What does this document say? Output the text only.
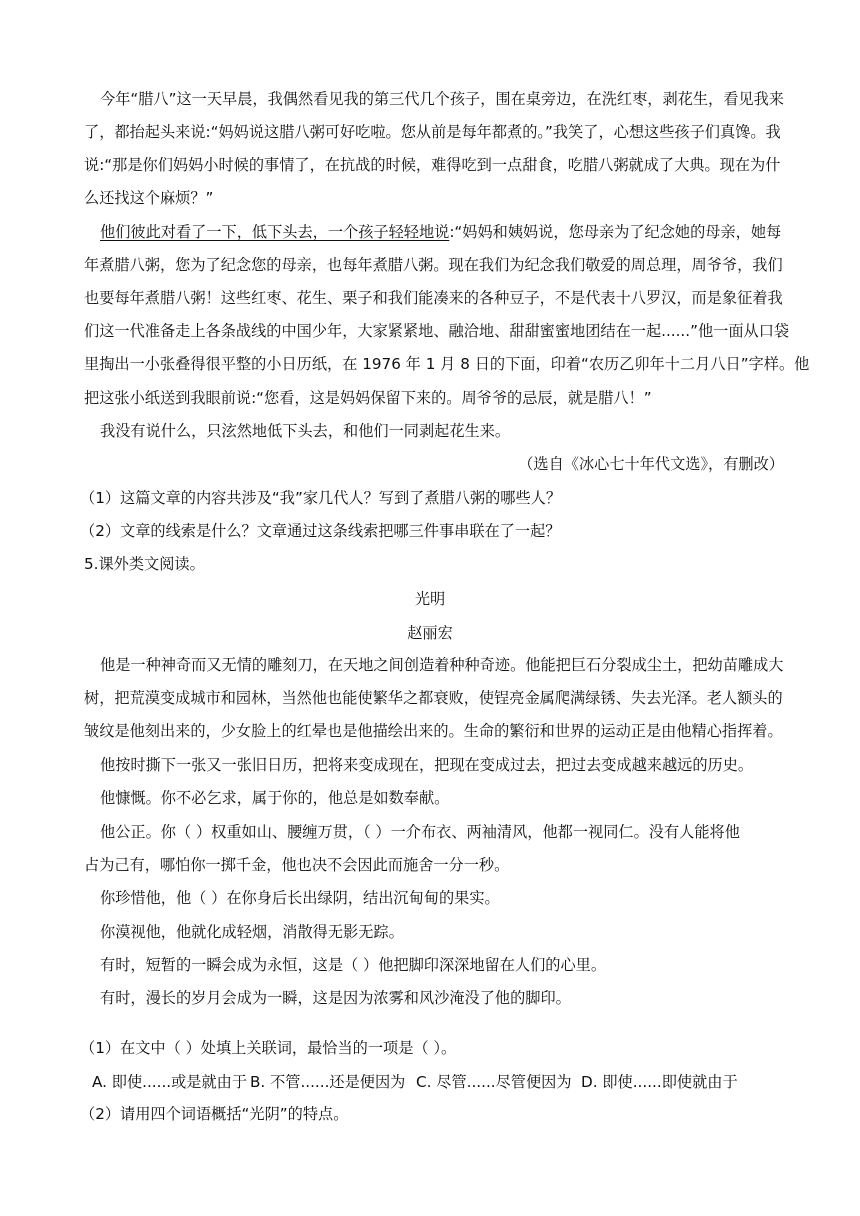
今年“腊八”这一天早晨，我偶然看见我的第三代几个孩子，围在桌旁边，在洗红枣，剥花生，看见我来
了，都抬起头来说:“妈妈说这腊八粥可好吃啦。您从前是每年都煮的。”我笑了，心想这些孩子们真馋。我
说:“那是你们妈妈小时候的事情了，在抗战的时候，难得吃到一点甜食，吃腊八粥就成了大典。现在为什
么还找这个麻烦？”
他们彼此对看了一下，低下头去，一个孩子轻轻地说:“妈妈和姨妈说，您母亲为了纪念她的母亲，她每
年煮腊八粥，您为了纪念您的母亲，也每年煮腊八粥。现在我们为纪念我们敬爱的周总理，周爷爷，我们
也要每年煮腊八粥！这些红枣、花生、栗子和我们能凑来的各种豆子，不是代表十八罗汉，而是象征着我
们这一代准备走上各条战线的中国少年，大家紧紧地、融洽地、甜甜蜜蜜地团结在一起......”他一面从口袋
里掏出一小张叠得很平整的小日历纸，在 1976 年 1 月 8 日的下面，印着“农历乙卯年十二月八日”字样。他
把这张小纸送到我眼前说:“您看，这是妈妈保留下来的。周爷爷的忌辰，就是腊八！”
我没有说什么，只泫然地低下头去，和他们一同剥起花生来。
（选自《冰心七十年代文选》，有删改）
（1）这篇文章的内容共涉及“我”家几代人？写到了煮腊八粥的哪些人？
（2）文章的线索是什么？文章通过这条线索把哪三件事串联在了一起？
5.课外类文阅读。
光明
赵丽宏
他是一种神奇而又无情的雕刻刀，在天地之间创造着种种奇迹。他能把巨石分裂成尘土，把幼苗雕成大
树，把荒漠变成城市和园林，当然他也能使繁华之都衰败，使锃亮金属爬满绿锈、失去光泽。老人额头的
皱纹是他刻出来的，少女脸上的红晕也是他描绘出来的。生命的繁衍和世界的运动正是由他精心指挥着。
他按时撕下一张又一张旧日历，把将来变成现在，把现在变成过去，把过去变成越来越远的历史。
他慷慨。你不必乞求，属于你的，他总是如数奉献。
他公正。你（ ）权重如山、腰缠万贯，（ ）一介布衣、两袖清风，他都一视同仁。没有人能将他
占为己有，哪怕你一掷千金，他也决不会因此而施舍一分一秒。
你珍惜他，他（ ）在你身后长出绿阴，结出沉甸甸的果实。
你漠视他，他就化成轻烟，消散得无影无踪。
有时，短暂的一瞬会成为永恒，这是（ ）他把脚印深深地留在人们的心里。
有时，漫长的岁月会成为一瞬，这是因为浓雾和风沙淹没了他的脚印。
（1）在文中（ ）处填上关联词，最恰当的一项是（ ）。
A. 即使......或是就由于 B. 不管......还是便因为 C. 尽管......尽管便因为 D. 即使......即使就由于
（2）请用四个词语概括“光阴”的特点。
